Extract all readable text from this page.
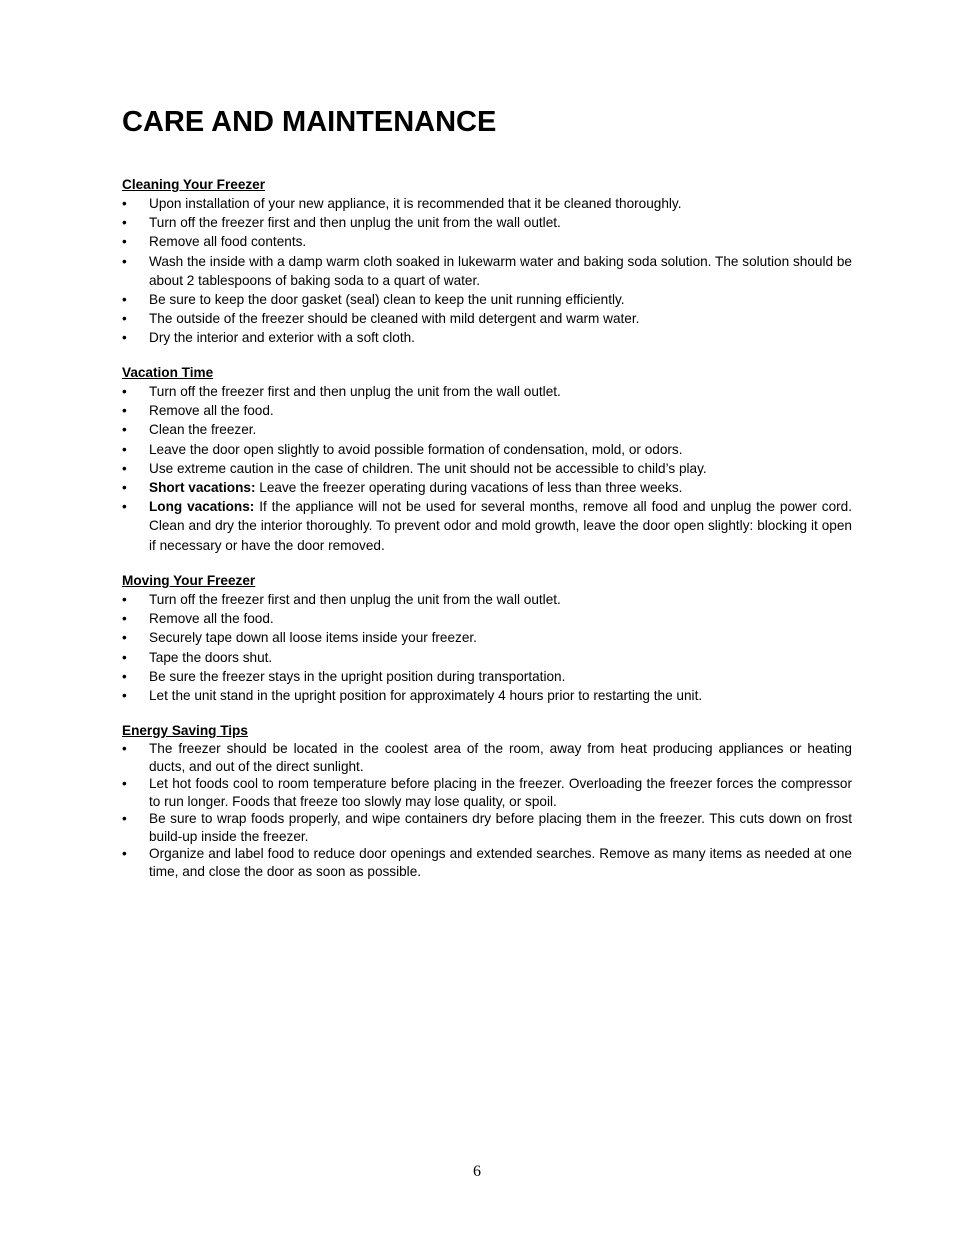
CARE AND MAINTENANCE
Cleaning Your Freezer
•	Upon installation of your new appliance, it is recommended that it be cleaned thoroughly.
•	Turn off the freezer first and then unplug the unit from the wall outlet.
•	Remove all food contents.
•	Wash the inside with a damp warm cloth soaked in lukewarm water and baking soda solution. The solution should be about 2 tablespoons of baking soda to a quart of water.
•	Be sure to keep the door gasket (seal) clean to keep the unit running efficiently.
•	The outside of the freezer should be cleaned with mild detergent and warm water.
•	Dry the interior and exterior with a soft cloth.
Vacation Time
•	Turn off the freezer first and then unplug the unit from the wall outlet.
•	Remove all the food.
•	Clean the freezer.
•	Leave the door open slightly to avoid possible formation of condensation, mold, or odors.
•	Use extreme caution in the case of children. The unit should not be accessible to child’s play.
•	Short vacations: Leave the freezer operating during vacations of less than three weeks.
•	Long vacations: If the appliance will not be used for several months, remove all food and unplug the power cord. Clean and dry the interior thoroughly. To prevent odor and mold growth, leave the door open slightly: blocking it open if necessary or have the door removed.
Moving Your Freezer
•	Turn off the freezer first and then unplug the unit from the wall outlet.
•	Remove all the food.
•	Securely tape down all loose items inside your freezer.
•	Tape the doors shut.
•	Be sure the freezer stays in the upright position during transportation.
•	Let the unit stand in the upright position for approximately 4 hours prior to restarting the unit.
Energy Saving Tips
•	The freezer should be located in the coolest area of the room, away from heat producing appliances or heating ducts, and out of the direct sunlight.
•	Let hot foods cool to room temperature before placing in the freezer. Overloading the freezer forces the compressor to run longer. Foods that freeze too slowly may lose quality, or spoil.
•	Be sure to wrap foods properly, and wipe containers dry before placing them in the freezer. This cuts down on frost build-up inside the freezer.
•	Organize and label food to reduce door openings and extended searches. Remove as many items as needed at one time, and close the door as soon as possible.
6
